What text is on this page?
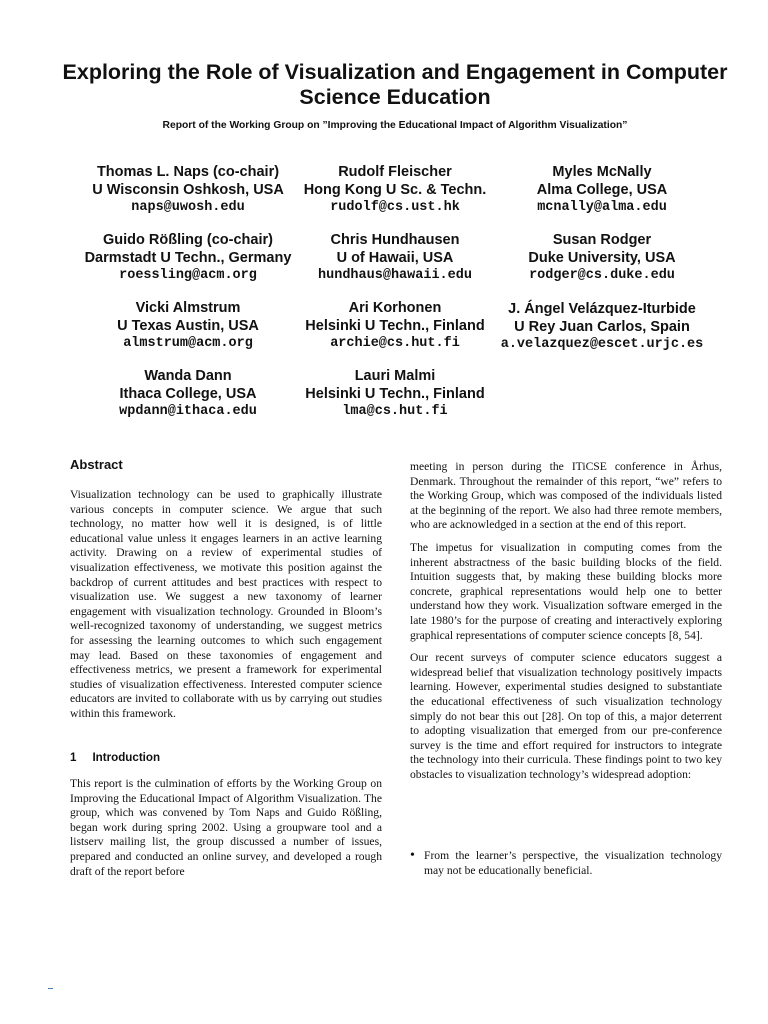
Exploring the Role of Visualization and Engagement in Computer Science Education
Report of the Working Group on ”Improving the Educational Impact of Algorithm Visualization”
Thomas L. Naps (co-chair)
U Wisconsin Oshkosh, USA
naps@uwosh.edu
Rudolf Fleischer
Hong Kong U Sc. & Techn.
rudolf@cs.ust.hk
Myles McNally
Alma College, USA
mcnally@alma.edu
Guido Rößling (co-chair)
Darmstadt U Techn., Germany
roessling@acm.org
Chris Hundhausen
U of Hawaii, USA
hundhaus@hawaii.edu
Susan Rodger
Duke University, USA
rodger@cs.duke.edu
Vicki Almstrum
U Texas Austin, USA
almstrum@acm.org
Ari Korhonen
Helsinki U Techn., Finland
archie@cs.hut.fi
J. Ángel Velázquez-Iturbide
U Rey Juan Carlos, Spain
a.velazquez@escet.urjc.es
Wanda Dann
Ithaca College, USA
wpdann@ithaca.edu
Lauri Malmi
Helsinki U Techn., Finland
lma@cs.hut.fi
Abstract

Visualization technology can be used to graphically illustrate various concepts in computer science. We argue that such technology, no matter how well it is designed, is of little educational value unless it engages learners in an active learning activity. Drawing on a review of experimental studies of visualization effectiveness, we motivate this position against the backdrop of current attitudes and best practices with respect to visualization use. We suggest a new taxonomy of learner engagement with visualization technology. Grounded in Bloom’s well-recognized taxonomy of understanding, we suggest metrics for assessing the learning outcomes to which such engagement may lead. Based on these taxonomies of engagement and effectiveness metrics, we present a framework for experimental studies of visualization effectiveness. Interested computer science educators are invited to collaborate with us by carrying out studies within this framework.

1 Introduction

This report is the culmination of efforts by the Working Group on Improving the Educational Impact of Algorithm Visualization. The group, which was convened by Tom Naps and Guido Rößling, began work during spring 2002. Using a groupware tool and a listserv mailing list, the group discussed a number of issues, prepared and conducted an online survey, and developed a rough draft of the report before

meeting in person during the ITiCSE conference in Århus, Denmark. Throughout the remainder of this report, “we” refers to the Working Group, which was composed of the individuals listed at the beginning of the report. We also had three remote members, who are acknowledged in a section at the end of this report.

The impetus for visualization in computing comes from the inherent abstractness of the basic building blocks of the field. Intuition suggests that, by making these building blocks more concrete, graphical representations would help one to better understand how they work. Visualization software emerged in the late 1980’s for the purpose of creating and interactively exploring graphical representations of computer science concepts [8, 54].

Our recent surveys of computer science educators suggest a widespread belief that visualization technology positively impacts learning. However, experimental studies designed to substantiate the educational effectiveness of such visualization technology simply do not bear this out [28]. On top of this, a major deterrent to adopting visualization that emerged from our pre-conference survey is the time and effort required for instructors to integrate the technology into their curricula. These findings point to two key obstacles to visualization technology’s widespread adoption:

• From the learner’s perspective, the visualization technology may not be educationally beneficial.
